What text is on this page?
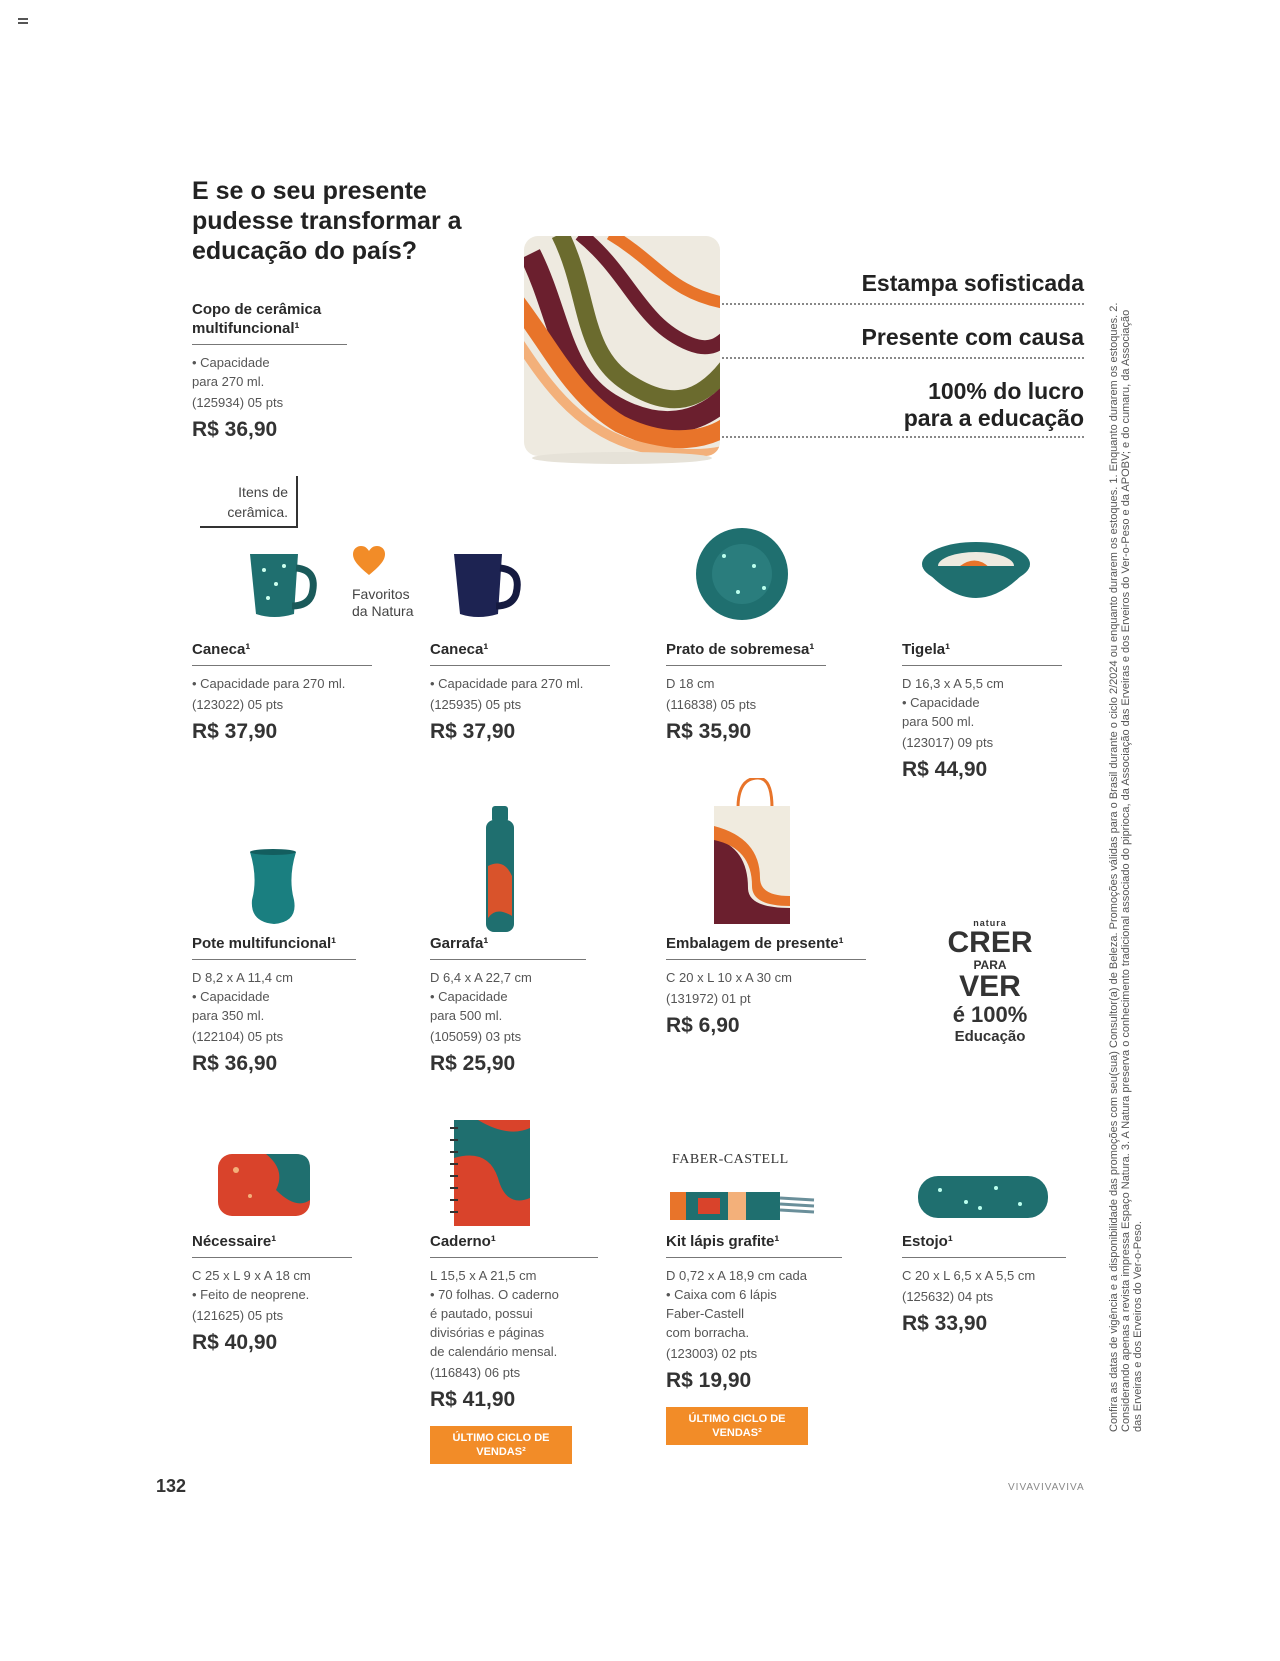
E se o seu presente pudesse transformar a educação do país?
Copo de cerâmica multifuncional¹
• Capacidade
para 270 ml.
(125934) 05 pts
R$ 36,90
Estampa sofisticada
Presente com causa
100% do lucro
para a educação
Itens de
cerâmica.
Favoritos
da Natura
Caneca¹
• Capacidade para 270 ml.
(123022) 05 pts
R$ 37,90
Caneca¹
• Capacidade para 270 ml.
(125935) 05 pts
R$ 37,90
Prato de sobremesa¹
D 18 cm
(116838) 05 pts
R$ 35,90
Tigela¹
D 16,3 x A 5,5 cm
• Capacidade
para 500 ml.
(123017) 09 pts
R$ 44,90
Pote multifuncional¹
D 8,2 x A 11,4 cm
• Capacidade
para 350 ml.
(122104) 05 pts
R$ 36,90
Garrafa¹
D 6,4 x A 22,7 cm
• Capacidade
para 500 ml.
(105059) 03 pts
R$ 25,90
Embalagem de presente¹
C 20 x L 10 x A 30 cm
(131972) 01 pt
R$ 6,90
natura
CRER
PARA
VER
é 100%
Educação
FABER-CASTELL
Nécessaire¹
C 25 x L 9 x A 18 cm
• Feito de neoprene.
(121625) 05 pts
R$ 40,90
Caderno¹
L 15,5 x A 21,5 cm
• 70 folhas. O caderno
é pautado, possui
divisórias e páginas
de calendário mensal.
(116843) 06 pts
R$ 41,90
ÚLTIMO CICLO DE VENDAS²
Kit lápis grafite¹
D 0,72 x A 18,9 cm cada
• Caixa com 6 lápis
Faber-Castell
com borracha.
(123003) 02 pts
R$ 19,90
ÚLTIMO CICLO DE VENDAS²
Estojo¹
C 20 x L 6,5 x A 5,5 cm
(125632) 04 pts
R$ 33,90	Confira as datas de vigência e a disponibilidade das promoções com seu(sua) Consultor(a) de Beleza. Promoções válidas para o Brasil durante o ciclo 2/2024 ou enquanto durarem os estoques. 1. Enquanto durarem os estoques. 2. Considerando apenas a revista impressa Espaço Natura. 3. A Natura preserva o conhecimento tradicional associado do piprioca, da Associação das Erveiras e dos Erveiros do Ver-o-Peso e da APOBV; e do cumaru, da Associação das Erveiras e dos Erveiros do Ver-o-Peso.
132	VIVAVIVAVIVA
